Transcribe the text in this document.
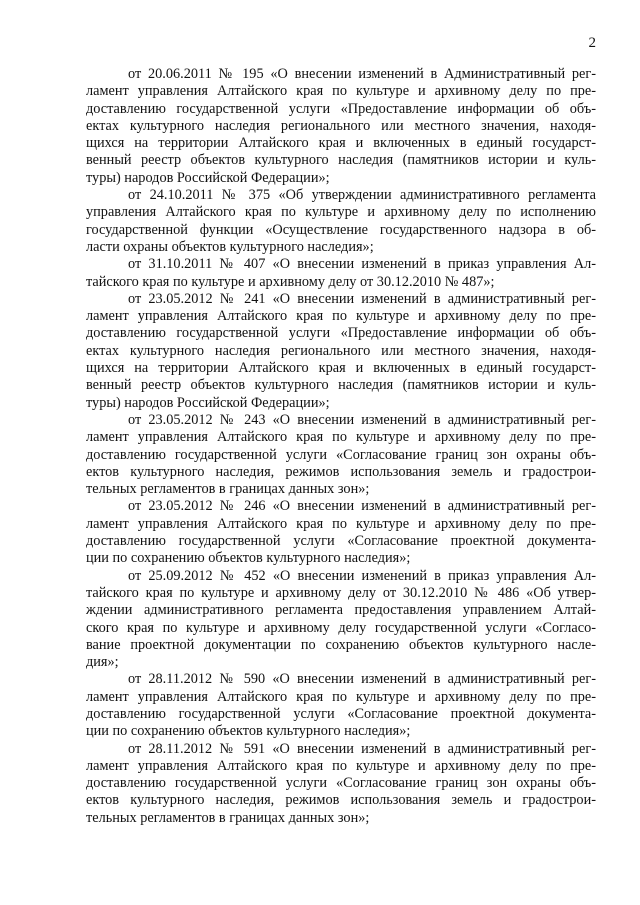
2
от 20.06.2011 № 195 «О внесении изменений в Административный рег-
ламент управления Алтайского края по культуре и архивному делу по пре-
доставлению государственной услуги «Предоставление информации об объ-
ектах культурного наследия регионального или местного значения, находя-
щихся на территории Алтайского края и включенных в единый государст-
венный реестр объектов культурного наследия (памятников истории и куль-
туры) народов Российской Федерации»;
от 24.10.2011 № 375 «Об утверждении административного регламента
управления Алтайского края по культуре и архивному делу по исполнению
государственной функции «Осуществление государственного надзора в об-
ласти охраны объектов культурного наследия»;
от 31.10.2011 № 407 «О внесении изменений в приказ управления Ал-
тайского края по культуре и архивному делу от 30.12.2010 № 487»;
от 23.05.2012 № 241 «О внесении изменений в административный рег-
ламент управления Алтайского края по культуре и архивному делу по пре-
доставлению государственной услуги «Предоставление информации об объ-
ектах культурного наследия регионального или местного значения, находя-
щихся на территории Алтайского края и включенных в единый государст-
венный реестр объектов культурного наследия (памятников истории и куль-
туры) народов Российской Федерации»;
от 23.05.2012 № 243 «О внесении изменений в административный рег-
ламент управления Алтайского края по культуре и архивному делу по пре-
доставлению государственной услуги «Согласование границ зон охраны объ-
ектов культурного наследия, режимов использования земель и градострои-
тельных регламентов в границах данных зон»;
от 23.05.2012 № 246 «О внесении изменений в административный рег-
ламент управления Алтайского края по культуре и архивному делу по пре-
доставлению государственной услуги «Согласование проектной документа-
ции по сохранению объектов культурного наследия»;
от 25.09.2012 № 452 «О внесении изменений в приказ управления Ал-
тайского края по культуре и архивному делу от 30.12.2010 № 486 «Об утвер-
ждении административного регламента предоставления управлением Алтай-
ского края по культуре и архивному делу государственной услуги «Согласо-
вание проектной документации по сохранению объектов культурного насле-
дия»;
от 28.11.2012 № 590 «О внесении изменений в административный рег-
ламент управления Алтайского края по культуре и архивному делу по пре-
доставлению государственной услуги «Согласование проектной документа-
ции по сохранению объектов культурного наследия»;
от 28.11.2012 № 591 «О внесении изменений в административный рег-
ламент управления Алтайского края по культуре и архивному делу по пре-
доставлению государственной услуги «Согласование границ зон охраны объ-
ектов культурного наследия, режимов использования земель и градострои-
тельных регламентов в границах данных зон»;
